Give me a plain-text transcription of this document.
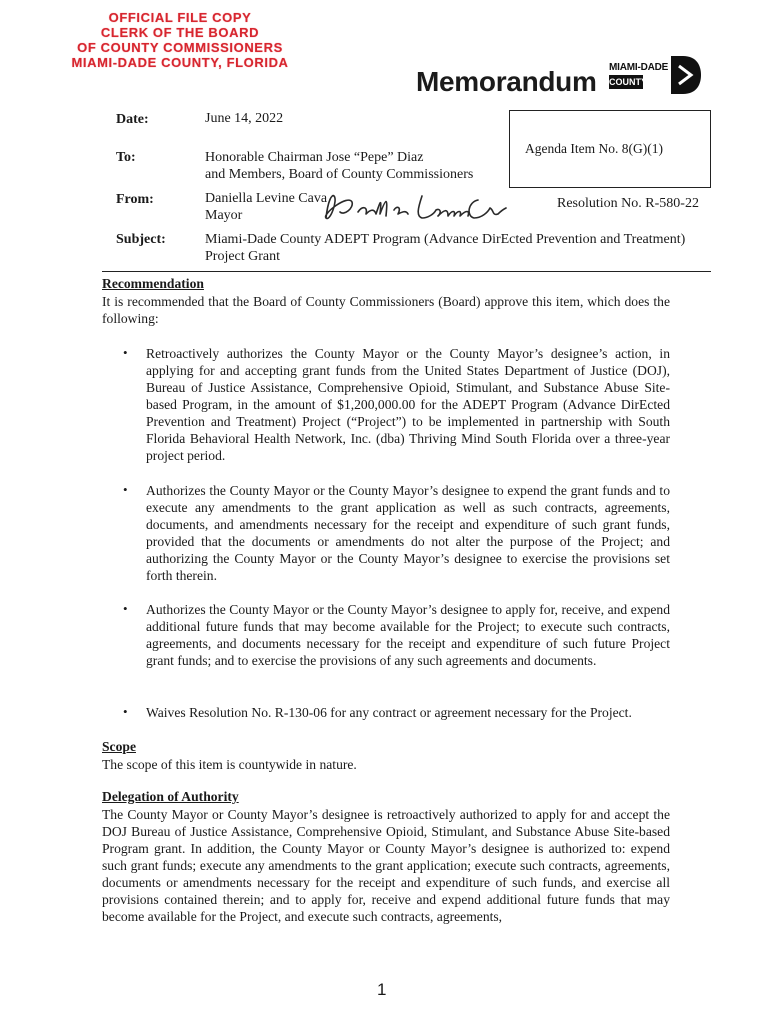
OFFICIAL FILE COPY
CLERK OF THE BOARD
OF COUNTY COMMISSIONERS
MIAMI-DADE COUNTY, FLORIDA
Memorandum MIAMI-DADE
COUNTY
Date:	June 14, 2022
To:	Honorable Chairman Jose “Pepe” Diaz
and Members, Board of County Commissioners
From:	Daniella Levine Cava
Mayor
Subject:	Miami-Dade County ADEPT Program (Advance DirEcted Prevention and Treatment)
Project Grant
Agenda Item No. 8(G)(1)
Resolution No. R-580-22
Recommendation
It is recommended that the Board of County Commissioners (Board) approve this item, which does the following:
• Retroactively authorizes the County Mayor or the County Mayor’s designee’s action, in applying for and accepting grant funds from the United States Department of Justice (DOJ), Bureau of Justice Assistance, Comprehensive Opioid, Stimulant, and Substance Abuse Site-based Program, in the amount of $1,200,000.00 for the ADEPT Program (Advance DirEcted Prevention and Treatment) Project (“Project”) to be implemented in partnership with South Florida Behavioral Health Network, Inc. (dba) Thriving Mind South Florida over a three-year project period.
• Authorizes the County Mayor or the County Mayor’s designee to expend the grant funds and to execute any amendments to the grant application as well as such contracts, agreements, documents, and amendments necessary for the receipt and expenditure of such grant funds, provided that the documents or amendments do not alter the purpose of the Project; and authorizing the County Mayor or the County Mayor’s designee to exercise the provisions set forth therein.
• Authorizes the County Mayor or the County Mayor’s designee to apply for, receive, and expend additional future funds that may become available for the Project; to execute such contracts, agreements, and documents necessary for the receipt and expenditure of such future Project grant funds; and to exercise the provisions of any such agreements and documents.
• Waives Resolution No. R-130-06 for any contract or agreement necessary for the Project.
Scope
The scope of this item is countywide in nature.
Delegation of Authority
The County Mayor or County Mayor’s designee is retroactively authorized to apply for and accept the DOJ Bureau of Justice Assistance, Comprehensive Opioid, Stimulant, and Substance Abuse Site-based Program grant. In addition, the County Mayor or County Mayor’s designee is authorized to: expend such grant funds; execute any amendments to the grant application; execute such contracts, agreements, documents or amendments necessary for the receipt and expenditure of such funds, and exercise all provisions contained therein; and to apply for, receive and expend additional future funds that may become available for the Project, and execute such contracts, agreements,
1
